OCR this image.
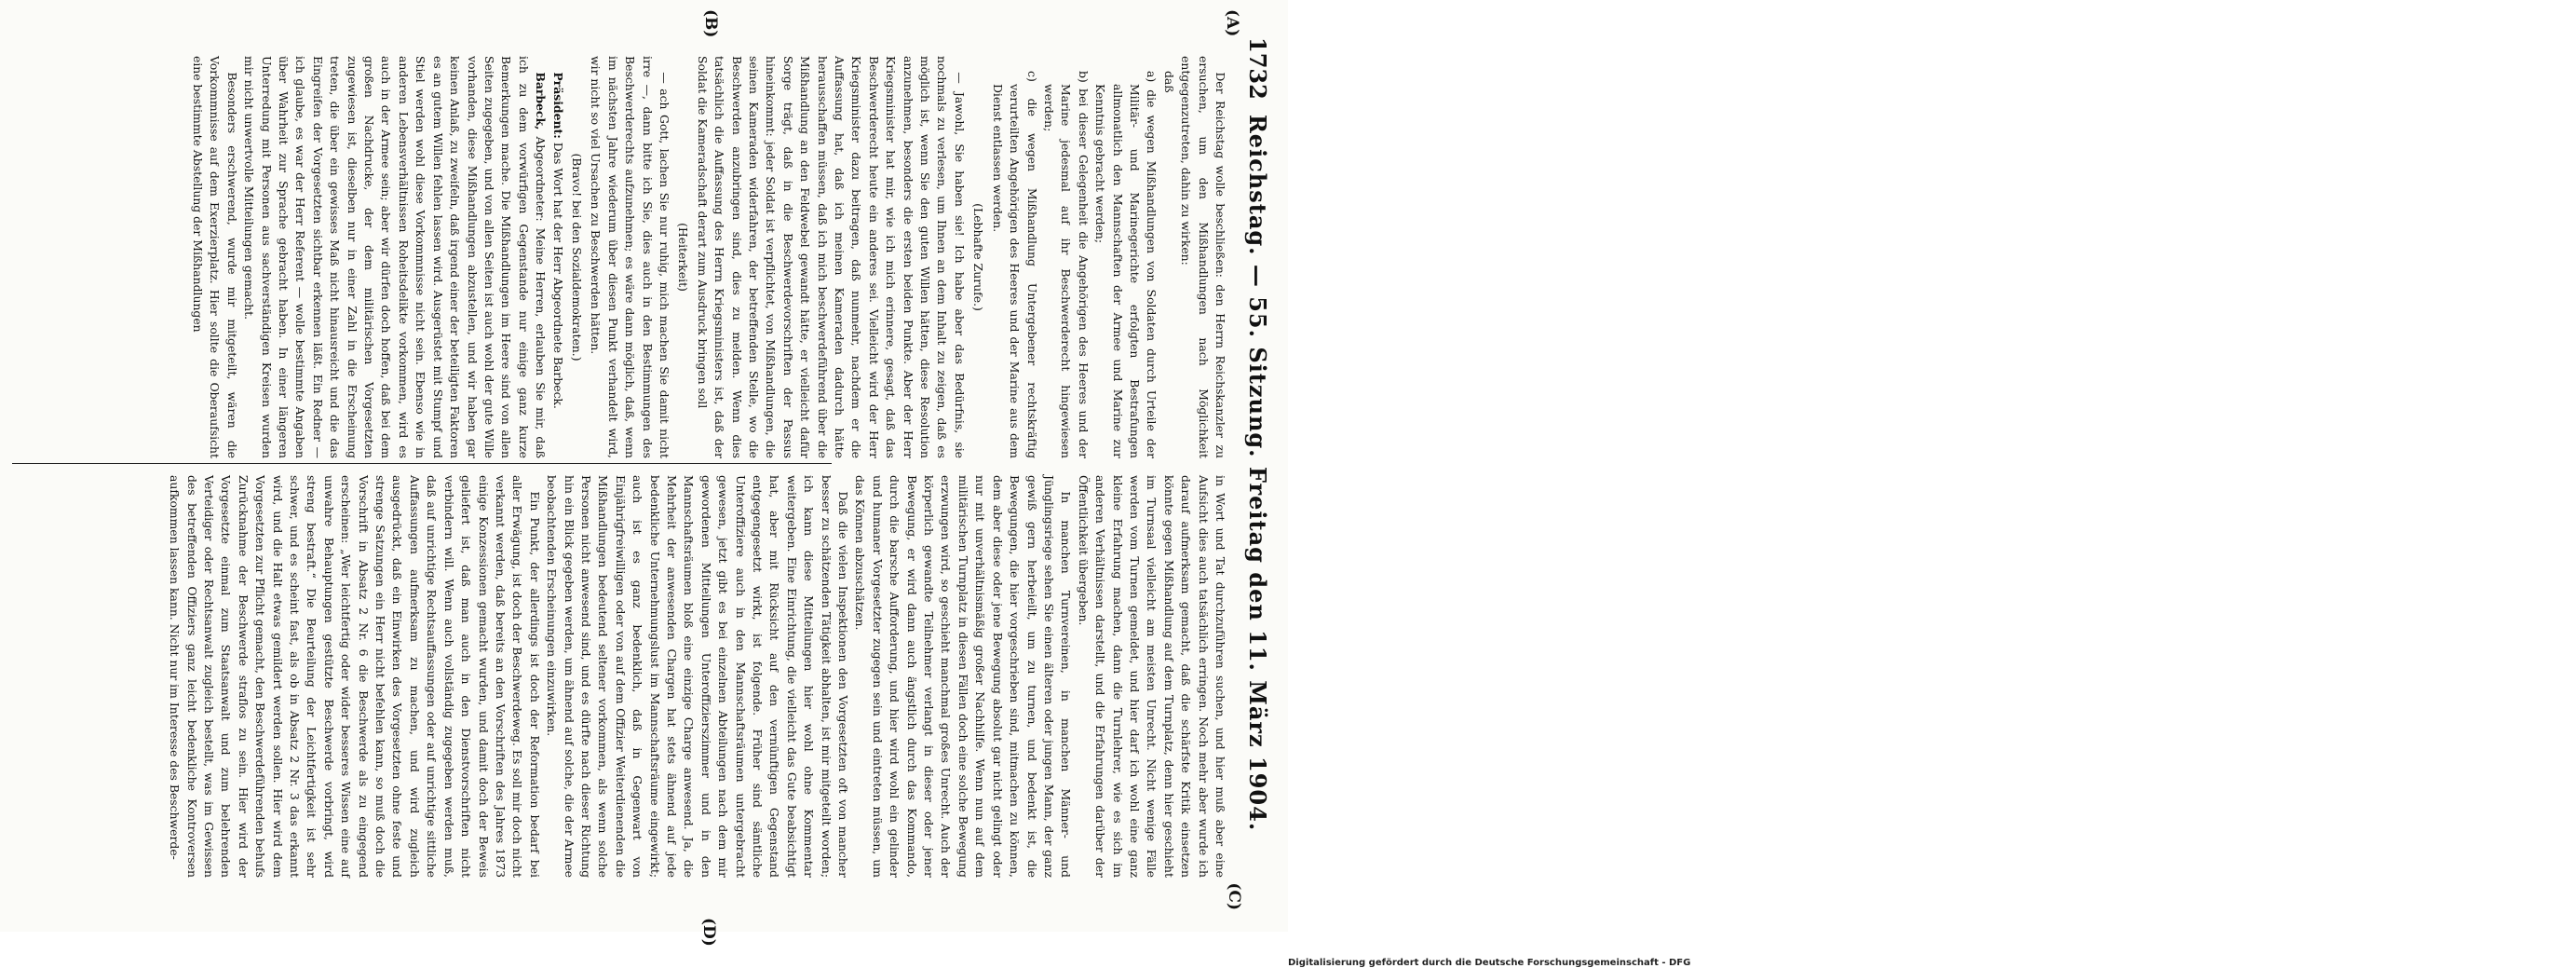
1732
Reichstag. — 55. Sitzung. Freitag den 11. März 1904.
(C)
(A)
(B)
(D)

Der Reichstag wolle beschließen: den Herrn Reichskanzler zu ersuchen, um den Mißhandlungen nach Möglichkeit entgegenzutreten, dahin zu wirken:

daß

a) die wegen Mißhandlungen von Soldaten durch Urteile der Militär- und Marinegerichte erfolgten Bestrafungen allmonatlich den Mannschaften der Armee und Marine zur Kenntnis gebracht werden;

b) bei dieser Gelegenheit die Angehörigen des Heeres und der Marine jedesmal auf ihr Beschwerderecht hingewiesen werden;

c) die wegen Mißhandlung Untergebener rechtskräftig verurteilten Angehörigen des Heeres und der Marine aus dem Dienst entlassen werden.

(Lebhafte Zurufe.)

— Jawohl, Sie haben sie! Ich habe aber das Bedürfnis, sie nochmals zu verlesen, um Ihnen an dem Inhalt zu zeigen, daß es möglich ist, wenn Sie den guten Willen hätten, diese Resolution anzunehmen, besonders die ersten beiden Punkte. Aber der Herr Kriegsminister hat mir, wie ich mich erinnere, gesagt, daß das Beschwerderecht heute ein anderes sei. Vielleicht wird der Herr Kriegsminister dazu beitragen, daß nunmehr, nachdem er die Auffassung hat, daß ich meinen Kameraden dadurch hätte herausschaffen müssen, daß ich mich beschwerdeführend über die Mißhandlung an den Feldwebel gewandt hätte, er vielleicht dafür Sorge trägt, daß in die Beschwerdevorschriften der Passus hineinkommt: jeder Soldat ist verpflichtet, von Mißhandlungen, die seinen Kameraden widerfahren, der betreffenden Stelle, wo die Beschwerden anzubringen sind, dies zu melden. Wenn dies tatsächlich die Auffassung des Herrn Kriegsministers ist, daß der Soldat die Kameradschaft derart zum Ausdruck bringen soll

(Heiterkeit)

— ach Gott, lachen Sie nur ruhig, mich machen Sie damit nicht irre —, dann bitte ich Sie, dies auch in den Bestimmungen des Beschwerderechts aufzunehmen; es wäre dann möglich, daß, wenn im nächsten Jahre wiederum über diesen Punkt verhandelt wird, wir nicht so viel Ursachen zu Beschwerden hätten.

(Bravo! bei den Sozialdemokraten.)

Präsident: Das Wort hat der Herr Abgeordnete Barbeck.

Barbeck, Abgeordneter: Meine Herren, erlauben Sie mir, daß ich zu dem vorwürfigen Gegenstande nur einige ganz kurze Bemerkungen mache. Die Mißhandlungen im Heere sind von allen Seiten zugegeben, und von allen Seiten ist auch wohl der gute Wille vorhanden, diese Mißhandlungen abzustellen, und wir haben gar keinen Anlaß, zu zweifeln, daß irgend einer der beteiligten Faktoren es an gutem Willen fehlen lassen wird. Ausgerüstet mit Stumpf und Stiel werden wohl diese Vorkommnisse nicht sein. Ebenso wie in anderen Lebensverhältnissen Roheitsdelikte vorkommen, wird es auch in der Armee sein; aber wir dürfen doch hoffen, daß bei dem großen Nachdrucke, der dem militärischen Vorgesetzten zugewiesen ist, dieselben nur in einer Zahl in die Erscheinung treten, die über ein gewisses Maß nicht hinausreicht und die das Eingreifen der Vorgesetzten sichtbar erkennen läßt. Ein Redner — ich glaube, es war der Herr Referent — wolle bestimmte Angaben über Wahrheit zur Sprache gebracht haben. In einer längeren Unterredung mit Personen aus sachverständigen Kreisen wurden mir nicht unwertvolle Mitteilungen gemacht.

Besonders erschwerend, wurde mir mitgeteilt, wären die Vorkommnisse auf dem Exerzierplatz. Hier sollte die Oberaufsicht eine bestimmte Abstellung der Mißhandlungen

in Wort und Tat durchzuführen suchen, und hier muß aber eine Aufsicht dies auch tatsächlich erringen. Noch mehr aber wurde ich darauf aufmerksam gemacht, daß die schärfste Kritik einsetzen könnte gegen Mißhandlung auf dem Turnplatz, denn hier geschieht im Turnsaal vielleicht am meisten Unrecht. Nicht wenige Fälle werden vom Turnen gemeldet, und hier darf ich wohl eine ganz kleine Erfahrung machen, dann die Turnlehrer, wie es sich im anderen Verhältnissen darstellt, und die Erfahrungen darüber der Öffentlichkeit übergeben.

In manchen Turnvereinen, in manchen Männer- und Jünglingsriege sehen Sie einen älteren oder jungen Mann, der ganz gewiß gern herbeieilt, um zu turnen, und bedenkt ist, die Bewegungen, die hier vorgeschrieben sind, mitmachen zu können, dem aber diese oder jene Bewegung absolut gar nicht gelingt oder nur mit unverhältnismäßig großer Nachhilfe. Wenn nun auf dem militärischen Turnplatz in diesen Fällen doch eine solche Bewegung erzwungen wird, so geschieht manchmal großes Unrecht. Auch der körperlich gewandte Teilnehmer verlangt in dieser oder jener Bewegung, er wird dann auch ängstlich durch das Kommando, durch die barsche Aufforderung, und hier wird wohl ein gelinder und humaner Vorgesetzter zugegen sein und eintreten müssen, um das Können abzuschätzen.

Daß die vielen Inspektionen den Vorgesetzten oft von mancher besser zu schätzenden Tätigkeit abhalten, ist mir mitgeteilt worden; ich kann diese Mitteilungen hier wohl ohne Kommentar weitergeben. Eine Einrichtung, die vielleicht das Gute beabsichtigt hat, aber mit Rücksicht auf den vernünftigen Gegenstand entgegengesetzt wirkt, ist folgende. Früher sind sämtliche Unteroffiziere auch in den Mannschaftsräumen untergebracht gewesen, jetzt gibt es bei einzelnen Abteilungen nach dem mir gewordenen Mitteilungen Unteroffizierszimmer und in den Mannschaftsräumen bloß eine einzige Charge anwesend. Ja, die Mehrheit der anwesenden Chargen hat stets ähnend auf jede bedenkliche Unternehmungslust im Mannschaftsräume eingewirkt; auch ist es ganz bedenklich, daß in Gegenwart von Einjährigfreiwilligen oder von auf dem Offizier Weiterdienenden die Mißhandlungen bedeutend seltener vorkommen, als wenn solche Personen nicht anwesend sind, und es dürfte nach dieser Richtung hin ein Blick gegeben werden, um ähnend auf solche, die der Armee beobachtenden Erscheinungen einzuwirken.

Ein Punkt, der allerdings ist doch der Reformation bedarf bei aller Erwägung, ist doch der Beschwerdeweg. Es soll mir doch nicht verkannt werden, daß bereits an den Vorschriften des Jahres 1873 einige Konzessionen gemacht wurden, und damit doch der Beweis geliefert ist, daß man auch in den Dienstvorschriften nicht verbindern will. Wenn auch vollständig zugegeben werden muß, daß auf unrichtige Rechtsauffassungen oder auf unrichtige sittliche Auffassungen aufmerksam zu machen, und wird zugleich ausgedrückt, daß ein Einwirken des Vorgesetzten ohne feste und strenge Satzungen ein Herr nicht befehlen kann, so muß doch die Vorschrift in Absatz 2 Nr. 6 die Beschwerde als zu eingegend erscheinen: „Wer leichtfertig oder wider besseres Wissen eine auf unwahre Behauptungen gestützte Beschwerde vorbringt, wird streng bestraft.“ Die Beurteilung der Leichtfertigkeit ist sehr schwer, und es scheint fast, als ob in Absatz 2 Nr. 3 das erkannt wird, und die Halt etwas gemildert werden sollen. Hier wird dem Vorgesetzten zur Pflicht gemacht, den Beschwerdeführenden behufs Zurücknahme der Beschwerde straflos zu sein. Hier wird der Vorgesetzte einmal zum Staatsanwalt und zum belehrenden Verteidiger oder Rechtsanwalt zugleich bestellt, was im Gewissen des betreffenden Offiziers ganz leicht bedenkliche Kontroversen aufkommen lassen kann. Nicht nur im Interesse des Beschwerde-

Digitalisierung gefördert durch die Deutsche Forschungsgemeinschaft - DFG
